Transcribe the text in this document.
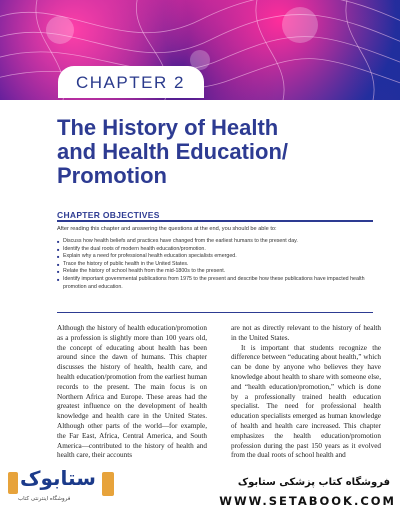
CHAPTER 2
The History of Health
and Health Education/
Promotion
CHAPTER OBJECTIVES
After reading this chapter and answering the questions at the end, you should be able to:
■ Discuss how health beliefs and practices have changed from the earliest humans to the present day.
■ Identify the dual roots of modern health education/promotion.
■ Explain why a need for professional health education specialists emerged.
■ Trace the history of public health in the United States.
■ Relate the history of school health from the mid-1800s to the present.
■ Identify important governmental publications from 1975 to the present and describe how these publications have impacted health promotion and education.

Although the history of health education/promotion as a profession is slightly more than 100 years old, the concept of educating about health has been around since the dawn of humans. This chapter discusses the history of health, health care, and health education/promotion from the earliest human records to the present. The main focus is on Northern Africa and Europe. These areas had the greatest influence on the development of health knowledge and health care in the United States. Although other parts of the world—for example, the Far East, Africa, Central America, and South America—contributed to the history of health and health care, their accounts

are not as directly relevant to the history of health in the United States.

It is important that students recognize the difference between “educating about health,” which can be done by anyone who believes they have knowledge about health to share with someone else, and “health education/promotion,” which is done by a professionally trained health education specialist. The need for professional health education specialists emerged as human knowledge of health and health care increased. This chapter emphasizes the health education/promotion profession during the past 150 years as it evolved from the dual roots of school health and

ستابوک
فروشگاه اینترنتی کتاب
فروشگاه کتاب پزشکی ستابوک
WWW.SETABOOK.COM
